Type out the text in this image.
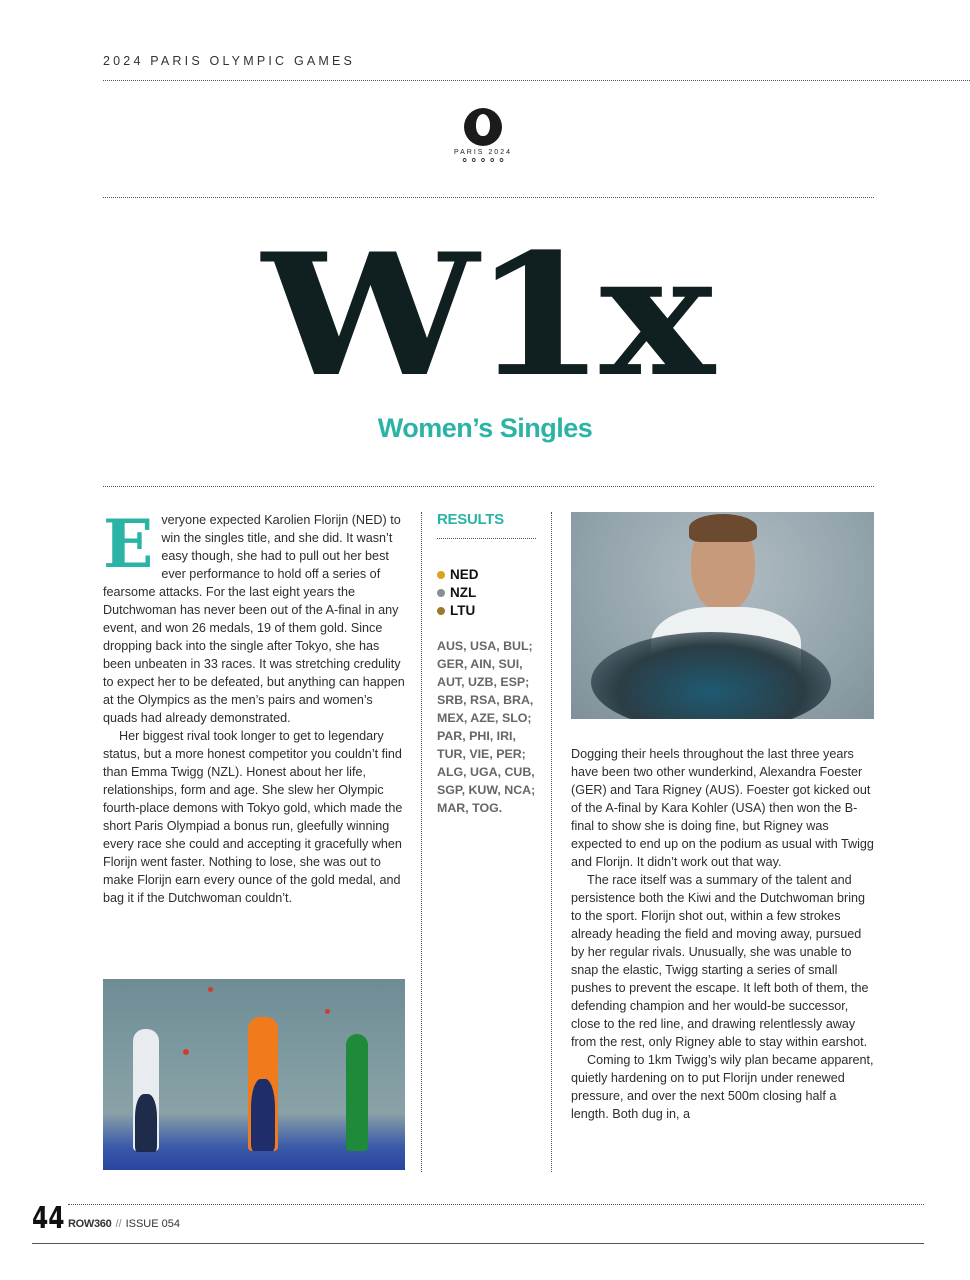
2024 PARIS OLYMPIC GAMES
PARIS 2024
⚬⚬⚬⚬⚬
W1x
Women’s Singles
E veryone expected Karolien Florijn (NED) to win the singles title, and she did. It wasn’t easy though, she had to pull out her best ever performance to hold off a series of fearsome attacks. For the last eight years the Dutchwoman has never been out of the A-final in any event, and won 26 medals, 19 of them gold. Since dropping back into the single after Tokyo, she has been unbeaten in 33 races. It was stretching credulity to expect her to be defeated, but anything can happen at the Olympics as the men’s pairs and women’s quads had already demonstrated.

Her biggest rival took longer to get to legendary status, but a more honest competitor you couldn’t find than Emma Twigg (NZL). Honest about her life, relationships, form and age. She slew her Olympic fourth-place demons with Tokyo gold, which made the short Paris Olympiad a bonus run, gleefully winning every race she could and accepting it gracefully when Florijn went faster. Nothing to lose, she was out to make Florijn earn every ounce of the gold medal, and bag it if the Dutchwoman couldn’t.

RESULTS
NED
NZL
LTU
AUS, USA, BUL; GER, AIN, SUI, AUT, UZB, ESP; SRB, RSA, BRA, MEX, AZE, SLO; PAR, PHI, IRI, TUR, VIE, PER; ALG, UGA, CUB, SGP, KUW, NCA; MAR, TOG.

Dogging their heels throughout the last three years have been two other wunderkind, Alexandra Foester (GER) and Tara Rigney (AUS). Foester got kicked out of the A-final by Kara Kohler (USA) then won the B-final to show she is doing fine, but Rigney was expected to end up on the podium as usual with Twigg and Florijn. It didn’t work out that way.

The race itself was a summary of the talent and persistence both the Kiwi and the Dutchwoman bring to the sport. Florijn shot out, within a few strokes already heading the field and moving away, pursued by her regular rivals. Unusually, she was unable to snap the elastic, Twigg starting a series of small pushes to prevent the escape. It left both of them, the defending champion and her would-be successor, close to the red line, and drawing relentlessly away from the rest, only Rigney able to stay within earshot.

Coming to 1km Twigg’s wily plan became apparent, quietly hardening on to put Florijn under renewed pressure, and over the next 500m closing half a length. Both dug in, a

44 ROW360 // ISSUE 054
